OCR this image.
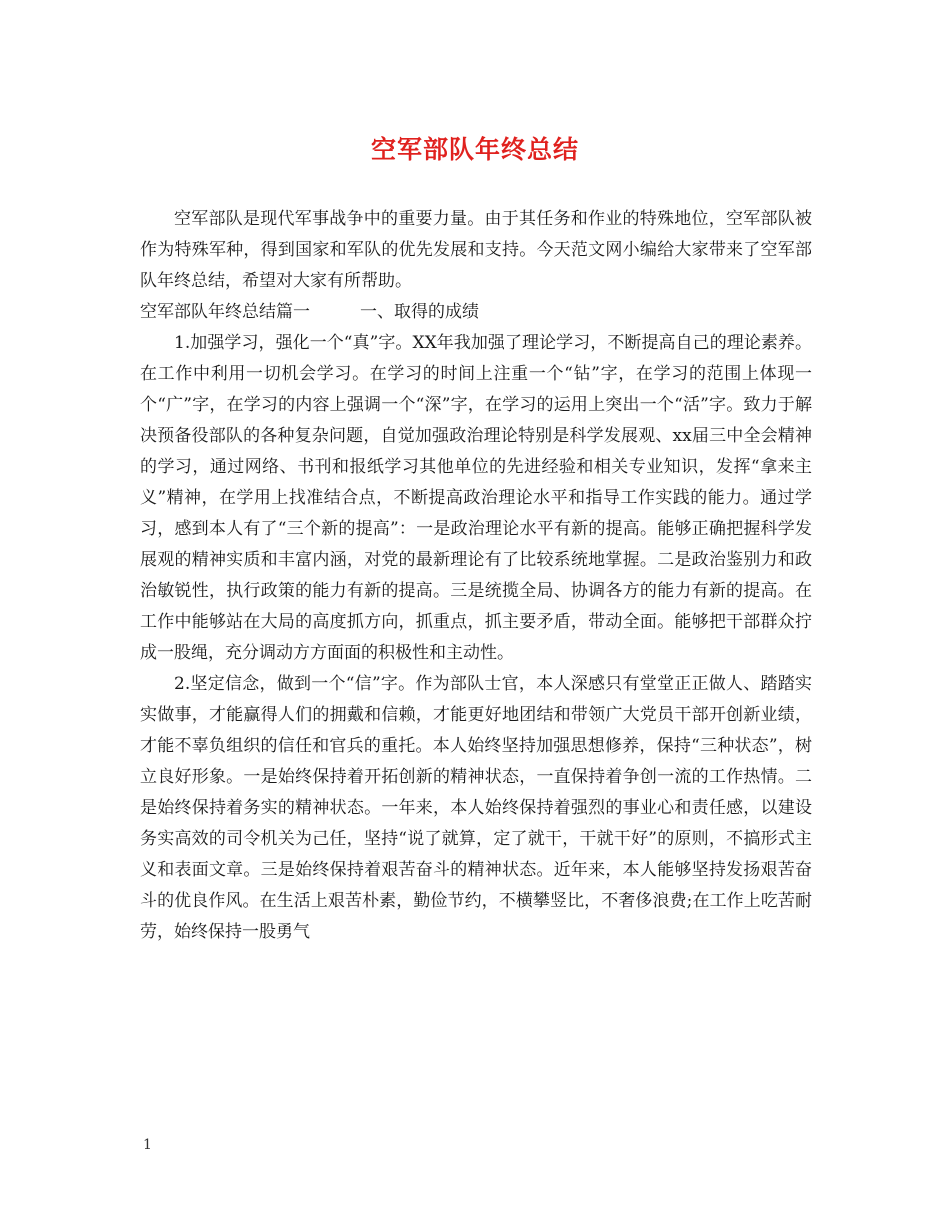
空军部队年终总结

空军部队是现代军事战争中的重要力量。由于其任务和作业的特殊地位，空军部队被作为特殊军种，得到国家和军队的优先发展和支持。今天范文网小编给大家带来了空军部队年终总结，希望对大家有所帮助。

空军部队年终总结篇一	一、取得的成绩

1.加强学习，强化一个“真”字。XX年我加强了理论学习，不断提高自己的理论素养。在工作中利用一切机会学习。在学习的时间上注重一个“钻”字，在学习的范围上体现一个“广”字，在学习的内容上强调一个“深”字，在学习的运用上突出一个“活”字。致力于解决预备役部队的各种复杂问题，自觉加强政治理论特别是科学发展观、xx届三中全会精神的学习，通过网络、书刊和报纸学习其他单位的先进经验和相关专业知识，发挥“拿来主义”精神，在学用上找准结合点，不断提高政治理论水平和指导工作实践的能力。通过学习，感到本人有了“三个新的提高”：一是政治理论水平有新的提高。能够正确把握科学发展观的精神实质和丰富内涵，对党的最新理论有了比较系统地掌握。二是政治鉴别力和政治敏锐性，执行政策的能力有新的提高。三是统揽全局、协调各方的能力有新的提高。在工作中能够站在大局的高度抓方向，抓重点，抓主要矛盾，带动全面。能够把干部群众拧成一股绳，充分调动方方面面的积极性和主动性。

2.坚定信念，做到一个“信”字。作为部队士官，本人深感只有堂堂正正做人、踏踏实实做事，才能赢得人们的拥戴和信赖，才能更好地团结和带领广大党员干部开创新业绩，才能不辜负组织的信任和官兵的重托。本人始终坚持加强思想修养，保持“三种状态”，树立良好形象。一是始终保持着开拓创新的精神状态，一直保持着争创一流的工作热情。二是始终保持着务实的精神状态。一年来，本人始终保持着强烈的事业心和责任感，以建设务实高效的司令机关为己任，坚持“说了就算，定了就干，干就干好”的原则，不搞形式主义和表面文章。三是始终保持着艰苦奋斗的精神状态。近年来，本人能够坚持发扬艰苦奋斗的优良作风。在生活上艰苦朴素，勤俭节约，不横攀竖比，不奢侈浪费;在工作上吃苦耐劳，始终保持一股勇气

1
